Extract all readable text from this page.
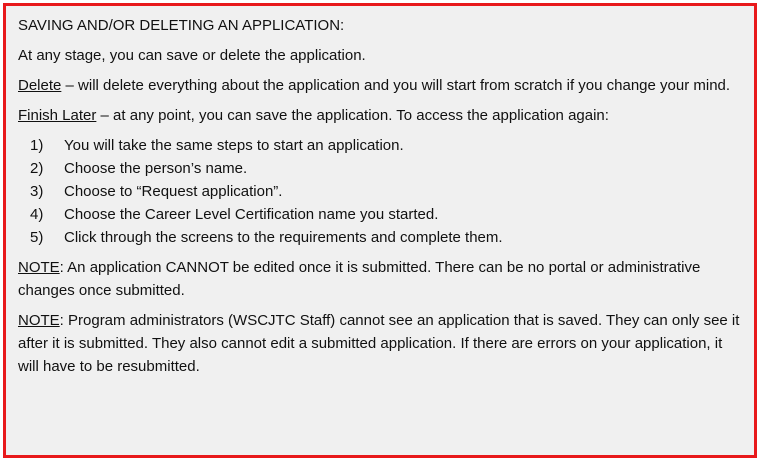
SAVING AND/OR DELETING AN APPLICATION:

At any stage, you can save or delete the application.

Delete – will delete everything about the application and you will start from scratch if you change your mind.

Finish Later – at any point, you can save the application. To access the application again:

1)	You will take the same steps to start an application.
2)	Choose the person’s name.
3)	Choose to “Request application”.
4)	Choose the Career Level Certification name you started.
5)	Click through the screens to the requirements and complete them.

NOTE: An application CANNOT be edited once it is submitted. There can be no portal or administrative changes once submitted.

NOTE: Program administrators (WSCJTC Staff) cannot see an application that is saved. They can only see it after it is submitted. They also cannot edit a submitted application. If there are errors on your application, it will have to be resubmitted.
